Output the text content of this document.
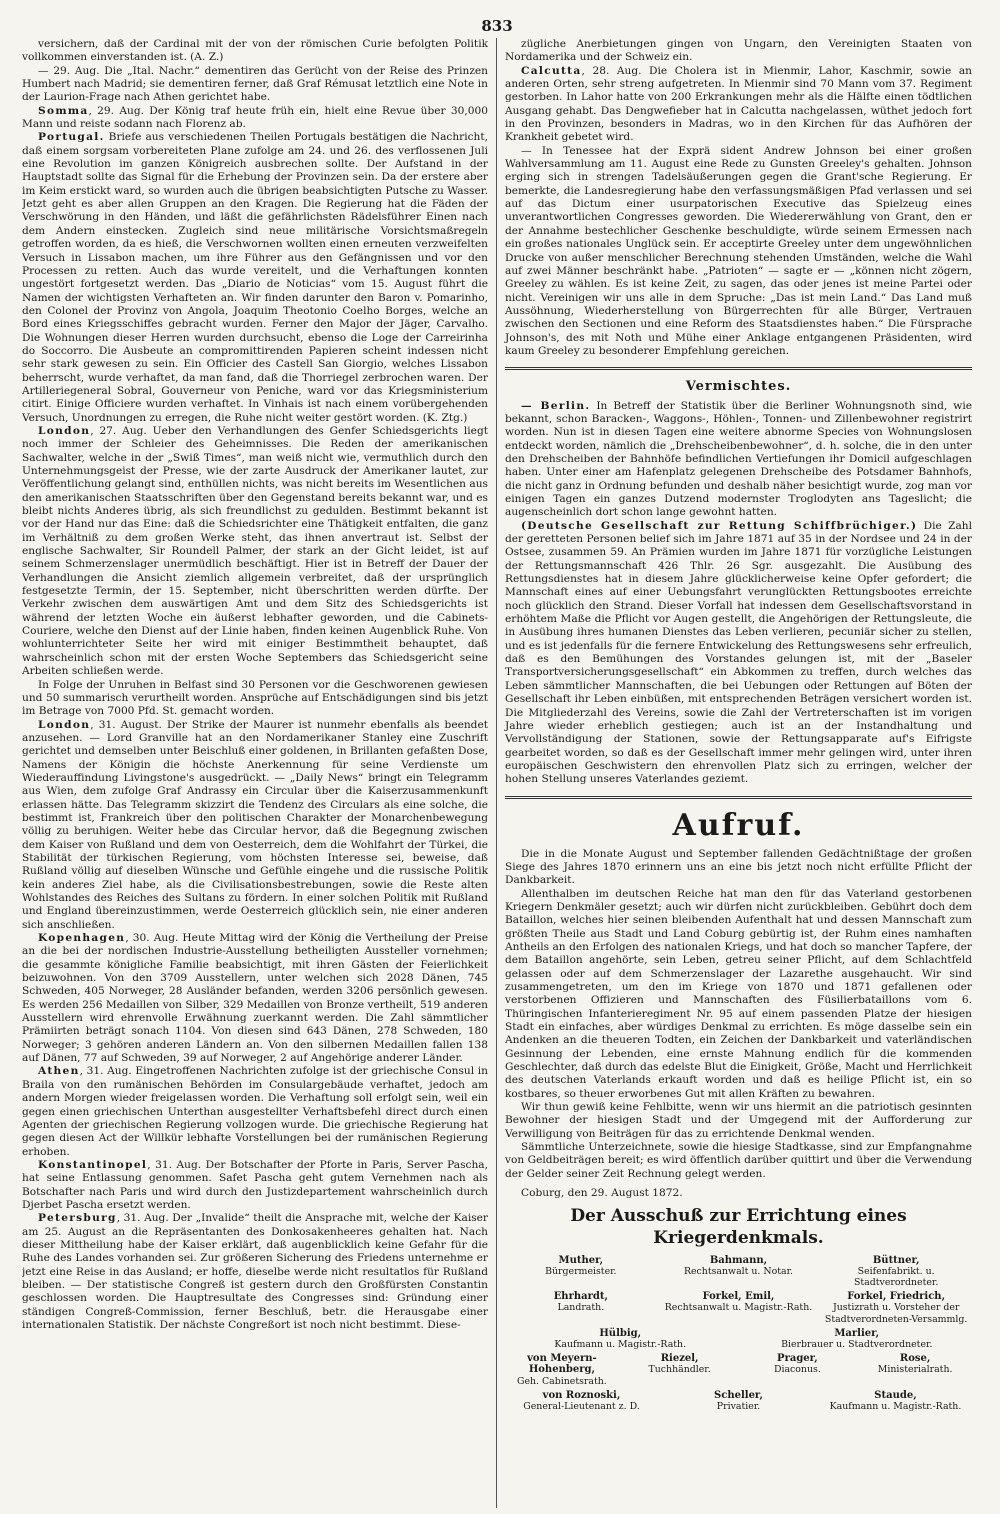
833

versichern, daß der Cardinal mit der von der römischen Curie befolgten Politik vollkommen einverstanden ist. (A. Z.)

— 29. Aug. Die „Ital. Nachr.“ dementiren das Gerücht von der Reise des Prinzen Humbert nach Madrid; sie dementiren ferner, daß Graf Rémusat letztlich eine Note in der Laurion-Frage nach Athen gerichtet habe.

Somma, 29. Aug. Der König traf heute früh ein, hielt eine Revue über 30,000 Mann und reiste sodann nach Florenz ab.

Portugal. Briefe aus verschiedenen Theilen Portugals bestätigen die Nachricht, daß einem sorgsam vorbereiteten Plane zufolge am 24. und 26. des verflossenen Juli eine Revolution im ganzen Königreich ausbrechen sollte. Der Aufstand in der Hauptstadt sollte das Signal für die Erhebung der Provinzen sein. Da der erstere aber im Keim erstickt ward, so wurden auch die übrigen beabsichtigten Putsche zu Wasser. Jetzt geht es aber allen Gruppen an den Kragen. Die Regierung hat die Fäden der Verschwörung in den Händen, und läßt die gefährlichsten Rädelsführer Einen nach dem Andern einstecken. Zugleich sind neue militärische Vorsichtsmaßregeln getroffen worden, da es hieß, die Verschwornen wollten einen erneuten verzweifelten Versuch in Lissabon machen, um ihre Führer aus den Gefängnissen und vor den Processen zu retten. Auch das wurde vereitelt, und die Verhaftungen konnten ungestört fortgesetzt werden. Das „Diario de Noticias“ vom 15. August führt die Namen der wichtigsten Verhafteten an. Wir finden darunter den Baron v. Pomarinho, den Colonel der Provinz von Angola, Joaquim Theotonio Coelho Borges, welche an Bord eines Kriegsschiffes gebracht wurden. Ferner den Major der Jäger, Carvalho. Die Wohnungen dieser Herren wurden durchsucht, ebenso die Loge der Carreirinha do Soccorro. Die Ausbeute an compromittirenden Papieren scheint indessen nicht sehr stark gewesen zu sein. Ein Officier des Castell San Giorgio, welches Lissabon beherrscht, wurde verhaftet, da man fand, daß die Thorriegel zerbrochen waren. Der Artilleriegeneral Sobral, Gouverneur von Peniche, ward vor das Kriegsministerium citirt. Einige Officiere wurden verhaftet. In Vinhais ist nach einem vorübergehenden Versuch, Unordnungen zu erregen, die Ruhe nicht weiter gestört worden. (K. Ztg.)

London, 27. Aug. Ueber den Verhandlungen des Genfer Schiedsgerichts liegt noch immer der Schleier des Geheimnisses. Die Reden der amerikanischen Sachwalter, welche in der „Swiß Times“, man weiß nicht wie, vermuthlich durch den Unternehmungsgeist der Presse, wie der zarte Ausdruck der Amerikaner lautet, zur Veröffentlichung gelangt sind, enthüllen nichts, was nicht bereits im Wesentlichen aus den amerikanischen Staatsschriften über den Gegenstand bereits bekannt war, und es bleibt nichts Anderes übrig, als sich freundlichst zu gedulden. Bestimmt bekannt ist vor der Hand nur das Eine: daß die Schiedsrichter eine Thätigkeit entfalten, die ganz im Verhältniß zu dem großen Werke steht, das ihnen anvertraut ist. Selbst der englische Sachwalter, Sir Roundell Palmer, der stark an der Gicht leidet, ist auf seinem Schmerzenslager unermüdlich beschäftigt. Hier ist in Betreff der Dauer der Verhandlungen die Ansicht ziemlich allgemein verbreitet, daß der ursprünglich festgesetzte Termin, der 15. September, nicht überschritten werden dürfte. Der Verkehr zwischen dem auswärtigen Amt und dem Sitz des Schiedsgerichts ist während der letzten Woche ein äußerst lebhafter geworden, und die Cabinets-Couriere, welche den Dienst auf der Linie haben, finden keinen Augenblick Ruhe. Von wohlunterrichteter Seite her wird mit einiger Bestimmtheit behauptet, daß wahrscheinlich schon mit der ersten Woche Septembers das Schiedsgericht seine Arbeiten schließen werde.

In Folge der Unruhen in Belfast sind 30 Personen vor die Geschworenen gewiesen und 50 summarisch verurtheilt worden. Ansprüche auf Entschädigungen sind bis jetzt im Betrage von 7000 Pfd. St. gemacht worden.

London, 31. August. Der Strike der Maurer ist nunmehr ebenfalls als beendet anzusehen. — Lord Granville hat an den Nordamerikaner Stanley eine Zuschrift gerichtet und demselben unter Beischluß einer goldenen, in Brillanten gefaßten Dose, Namens der Königin die höchste Anerkennung für seine Verdienste um Wiederauffindung Livingstone's ausgedrückt. — „Daily News“ bringt ein Telegramm aus Wien, dem zufolge Graf Andrassy ein Circular über die Kaiserzusammenkunft erlassen hätte. Das Telegramm skizzirt die Tendenz des Circulars als eine solche, die bestimmt ist, Frankreich über den politischen Charakter der Monarchenbewegung völlig zu beruhigen. Weiter hebe das Circular hervor, daß die Begegnung zwischen dem Kaiser von Rußland und dem von Oesterreich, dem die Wohlfahrt der Türkei, die Stabilität der türkischen Regierung, vom höchsten Interesse sei, beweise, daß Rußland völlig auf dieselben Wünsche und Gefühle eingehe und die russische Politik kein anderes Ziel habe, als die Civilisationsbestrebungen, sowie die Reste alten Wohlstandes des Reiches des Sultans zu fördern. In einer solchen Politik mit Rußland und England übereinzustimmen, werde Oesterreich glücklich sein, nie einer anderen sich anschließen.

Kopenhagen, 30. Aug. Heute Mittag wird der König die Vertheilung der Preise an die bei der nordischen Industrie-Ausstellung betheiligten Aussteller vornehmen; die gesammte königliche Familie beabsichtigt, mit ihren Gästen der Feierlichkeit beizuwohnen. Von den 3709 Ausstellern, unter welchen sich 2028 Dänen, 745 Schweden, 405 Norweger, 28 Ausländer befanden, werden 3206 persönlich gewesen. Es werden 256 Medaillen von Silber, 329 Medaillen von Bronze vertheilt, 519 anderen Ausstellern wird ehrenvolle Erwähnung zuerkannt werden. Die Zahl sämmtlicher Prämiirten beträgt sonach 1104. Von diesen sind 643 Dänen, 278 Schweden, 180 Norweger; 3 gehören anderen Ländern an. Von den silbernen Medaillen fallen 138 auf Dänen, 77 auf Schweden, 39 auf Norweger, 2 auf Angehörige anderer Länder.

Athen, 31. Aug. Eingetroffenen Nachrichten zufolge ist der griechische Consul in Braila von den rumänischen Behörden im Consulargebäude verhaftet, jedoch am andern Morgen wieder freigelassen worden. Die Verhaftung soll erfolgt sein, weil ein gegen einen griechischen Unterthan ausgestellter Verhaftsbefehl direct durch einen Agenten der griechischen Regierung vollzogen wurde. Die griechische Regierung hat gegen diesen Act der Willkür lebhafte Vorstellungen bei der rumänischen Regierung erhoben.

Konstantinopel, 31. Aug. Der Botschafter der Pforte in Paris, Server Pascha, hat seine Entlassung genommen. Safet Pascha geht gutem Vernehmen nach als Botschafter nach Paris und wird durch den Justizdepartement wahrscheinlich durch Djerbet Pascha ersetzt werden.

Petersburg, 31. Aug. Der „Invalide“ theilt die Ansprache mit, welche der Kaiser am 25. August an die Repräsentanten des Donkosakenheeres gehalten hat. Nach dieser Mittheilung habe der Kaiser erklärt, daß augenblicklich keine Gefahr für die Ruhe des Landes vorhanden sei. Zur größeren Sicherung des Friedens unternehme er jetzt eine Reise in das Ausland; er hoffe, dieselbe werde nicht resultatlos für Rußland bleiben. — Der statistische Congreß ist gestern durch den Großfürsten Constantin geschlossen worden. Die Hauptresultate des Congresses sind: Gründung einer ständigen Congreß-Commission, ferner Beschluß, betr. die Herausgabe einer internationalen Statistik. Der nächste Congreßort ist noch nicht bestimmt. Diese-

zügliche Anerbietungen gingen von Ungarn, den Vereinigten Staaten von Nordamerika und der Schweiz ein.

Calcutta, 28. Aug. Die Cholera ist in Mienmir, Lahor, Kaschmir, sowie an anderen Orten, sehr streng aufgetreten. In Mienmir sind 70 Mann vom 37. Regiment gestorben. In Lahor hatte von 200 Erkrankungen mehr als die Hälfte einen tödtlichen Ausgang gehabt. Das Dengwefieber hat in Calcutta nachgelassen, wüthet jedoch fort in den Provinzen, besonders in Madras, wo in den Kirchen für das Aufhören der Krankheit gebetet wird.

— In Tenessee hat der Exprä sident Andrew Johnson bei einer großen Wahlversammlung am 11. August eine Rede zu Gunsten Greeley's gehalten. Johnson erging sich in strengen Tadelsäußerungen gegen die Grant'sche Regierung. Er bemerkte, die Landesregierung habe den verfassungsmäßigen Pfad verlassen und sei auf das Dictum einer usurpatorischen Executive das Spielzeug eines unverantwortlichen Congresses geworden. Die Wiedererwählung von Grant, den er der Annahme bestechlicher Geschenke beschuldigte, würde seinem Ermessen nach ein großes nationales Unglück sein. Er acceptirte Greeley unter dem ungewöhnlichen Drucke von außer menschlicher Berechnung stehenden Umständen, welche die Wahl auf zwei Männer beschränkt habe. „Patrioten“ — sagte er — „können nicht zögern, Greeley zu wählen. Es ist keine Zeit, zu sagen, das oder jenes ist meine Partei oder nicht. Vereinigen wir uns alle in dem Spruche: „Das ist mein Land.“ Das Land muß Aussöhnung, Wiederherstellung von Bürgerrechten für alle Bürger, Vertrauen zwischen den Sectionen und eine Reform des Staatsdienstes haben.“ Die Fürsprache Johnson's, des mit Noth und Mühe einer Anklage entgangenen Präsidenten, wird kaum Greeley zu besonderer Empfehlung gereichen.

Vermischtes.

— Berlin. In Betreff der Statistik über die Berliner Wohnungsnoth sind, wie bekannt, schon Baracken-, Waggons-, Höhlen-, Tonnen- und Zillenbewohner registrirt worden. Nun ist in diesen Tagen eine weitere abnorme Species von Wohnungslosen entdeckt worden, nämlich die „Drehscheibenbewohner“, d. h. solche, die in den unter den Drehscheiben der Bahnhöfe befindlichen Vertiefungen ihr Domicil aufgeschlagen haben. Unter einer am Hafenplatz gelegenen Drehscheibe des Potsdamer Bahnhofs, die nicht ganz in Ordnung befunden und deshalb näher besichtigt wurde, zog man vor einigen Tagen ein ganzes Dutzend modernster Troglodyten ans Tageslicht; die augenscheinlich dort schon lange gewohnt hatten.

(Deutsche Gesellschaft zur Rettung Schiffbrüchiger.) Die Zahl der geretteten Personen belief sich im Jahre 1871 auf 35 in der Nordsee und 24 in der Ostsee, zusammen 59. An Prämien wurden im Jahre 1871 für vorzügliche Leistungen der Rettungsmannschaft 426 Thlr. 26 Sgr. ausgezahlt. Die Ausübung des Rettungsdienstes hat in diesem Jahre glücklicherweise keine Opfer gefordert; die Mannschaft eines auf einer Uebungsfahrt verunglückten Rettungsbootes erreichte noch glücklich den Strand. Dieser Vorfall hat indessen dem Gesellschaftsvorstand in erhöhtem Maße die Pflicht vor Augen gestellt, die Angehörigen der Rettungsleute, die in Ausübung ihres humanen Dienstes das Leben verlieren, pecuniär sicher zu stellen, und es ist jedenfalls für die fernere Entwickelung des Rettungswesens sehr erfreulich, daß es den Bemühungen des Vorstandes gelungen ist, mit der „Baseler Transportversicherungsgesellschaft“ ein Abkommen zu treffen, durch welches das Leben sämmtlicher Mannschaften, die bei Uebungen oder Rettungen auf Böten der Gesellschaft ihr Leben einbüßen, mit entsprechenden Beträgen versichert worden ist. Die Mitgliederzahl des Vereins, sowie die Zahl der Vertreterschaften ist im vorigen Jahre wieder erheblich gestiegen; auch ist an der Instandhaltung und Vervollständigung der Stationen, sowie der Rettungsapparate auf's Eifrigste gearbeitet worden, so daß es der Gesellschaft immer mehr gelingen wird, unter ihren europäischen Geschwistern den ehrenvollen Platz sich zu erringen, welcher der hohen Stellung unseres Vaterlandes geziemt.

Aufruf.

Die in die Monate August und September fallenden Gedächtnißtage der großen Siege des Jahres 1870 erinnern uns an eine bis jetzt noch nicht erfüllte Pflicht der Dankbarkeit.

Allenthalben im deutschen Reiche hat man den für das Vaterland gestorbenen Kriegern Denkmäler gesetzt; auch wir dürfen nicht zurückbleiben. Gebührt doch dem Bataillon, welches hier seinen bleibenden Aufenthalt hat und dessen Mannschaft zum größten Theile aus Stadt und Land Coburg gebürtig ist, der Ruhm eines namhaften Antheils an den Erfolgen des nationalen Kriegs, und hat doch so mancher Tapfere, der dem Bataillon angehörte, sein Leben, getreu seiner Pflicht, auf dem Schlachtfeld gelassen oder auf dem Schmerzenslager der Lazarethe ausgehaucht. Wir sind zusammengetreten, um den im Kriege von 1870 und 1871 gefallenen oder verstorbenen Offizieren und Mannschaften des Füsilierbataillons vom 6. Thüringischen Infanterieregiment Nr. 95 auf einem passenden Platze der hiesigen Stadt ein einfaches, aber würdiges Denkmal zu errichten. Es möge dasselbe sein ein Andenken an die theueren Todten, ein Zeichen der Dankbarkeit und vaterländischen Gesinnung der Lebenden, eine ernste Mahnung endlich für die kommenden Geschlechter, daß durch das edelste Blut die Einigkeit, Größe, Macht und Herrlichkeit des deutschen Vaterlands erkauft worden und daß es heilige Pflicht ist, ein so kostbares, so theuer erworbenes Gut mit allen Kräften zu bewahren.

Wir thun gewiß keine Fehlbitte, wenn wir uns hiermit an die patriotisch gesinnten Bewohner der hiesigen Stadt und der Umgegend mit der Aufforderung zur Verwilligung von Beiträgen für das zu errichtende Denkmal wenden.

Sämmtliche Unterzeichnete, sowie die hiesige Stadtkasse, sind zur Empfangnahme von Geldbeiträgen bereit; es wird öffentlich darüber quittirt und über die Verwendung der Gelder seiner Zeit Rechnung gelegt werden.

Coburg, den 29. August 1872.

Der Ausschuß zur Errichtung eines Kriegerdenkmals.
Muther,
Bürgermeister.
Bahmann,
Rechtsanwalt u. Notar.
Büttner,
Seifenfabrikt. u. Stadtverordneter.
Ehrhardt,
Landrath.
Forkel, Emil,
Rechtsanwalt u. Magistr.-Rath.
Forkel, Friedrich,
Justizrath u. Vorsteher der Stadtverordneten-Versammlg.
Hülbig,
Kaufmann u. Magistr.-Rath.
Marlier,
Bierbrauer u. Stadtverordneter.
von Meyern-Hohenberg,
Geh. Cabinetsrath.
Riezel,
Tuchhändler.
Prager,
Diaconus.
Rose,
Ministerialrath.
von Roznoski,
General-Lieutenant z. D.
Scheller,
Privatier.
Staude,
Kaufmann u. Magistr.-Rath.
